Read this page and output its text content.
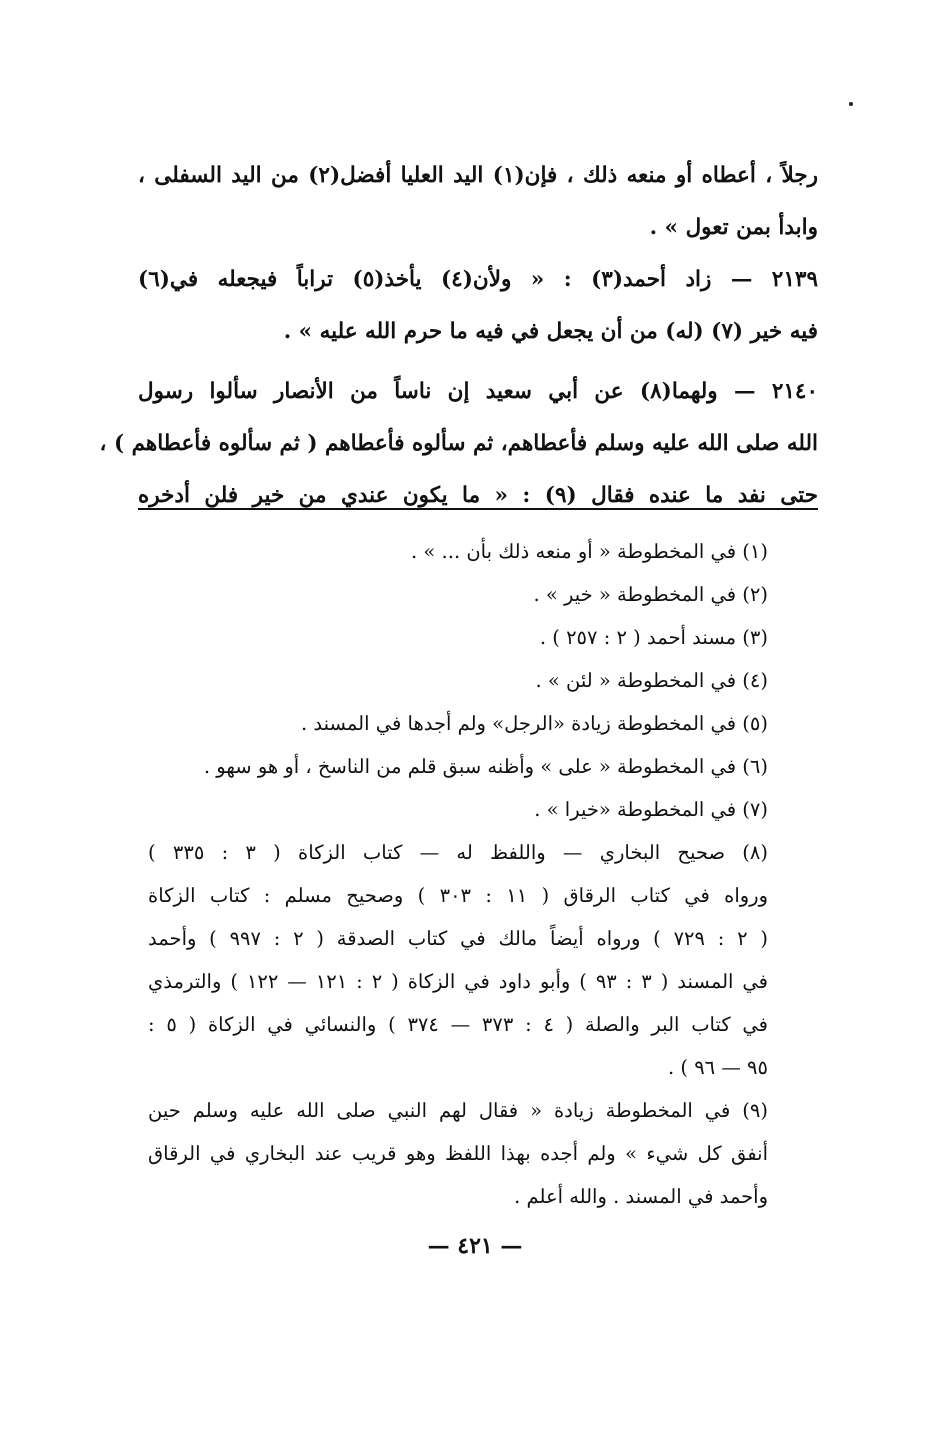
رجلاً ، أعطاه أو منعه ذلك ، فإن(١) اليد العليا أفضل(٢) من اليد السفلى ،
وابدأ بمن تعول » .
٢١٣٩ — زاد أحمد(٣) : « ولأن(٤) يأخذ(٥) تراباً فيجعله في(٦)
فيه خير (٧) (له) من أن يجعل في فيه ما حرم الله عليه » .
٢١٤٠ — ولهما(٨) عن أبي سعيد إن ناساً من الأنصار سألوا رسول
الله صلى الله عليه وسلم فأعطاهم، ثم سألوه فأعطاهم ( ثم سألوه فأعطاهم ) ،
حتى نفد ما عنده فقال (٩) : « ما يكون عندي من خير فلن أدخره
(١) في المخطوطة « أو منعه ذلك بأن ... » .
(٢) في المخطوطة « خير » .
(٣) مسند أحمد ( ٢ : ٢٥٧ ) .
(٤) في المخطوطة « لئن » .
(٥) في المخطوطة زيادة «الرجل» ولم أجدها في المسند .
(٦) في المخطوطة « على » وأظنه سبق قلم من الناسخ ، أو هو سهو .
(٧) في المخطوطة «خيرا » .
(٨) صحيح البخاري — واللفظ له — كتاب الزكاة ( ٣ : ٣٣٥ )
ورواه في كتاب الرقاق ( ١١ : ٣٠٣ ) وصحيح مسلم : كتاب الزكاة
( ٢ : ٧٢٩ ) ورواه أيضاً مالك في كتاب الصدقة ( ٢ : ٩٩٧ ) وأحمد
في المسند ( ٣ : ٩٣ ) وأبو داود في الزكاة ( ٢ : ١٢١ — ١٢٢ ) والترمذي
في كتاب البر والصلة ( ٤ : ٣٧٣ — ٣٧٤ ) والنسائي في الزكاة ( ٥ :
٩٥ — ٩٦ ) .
(٩) في المخطوطة زيادة « فقال لهم النبي صلى الله عليه وسلم حين
أنفق كل شيء » ولم أجده بهذا اللفظ وهو قريب عند البخاري في الرقاق
وأحمد في المسند . والله أعلم .
— ٤٢١ —
